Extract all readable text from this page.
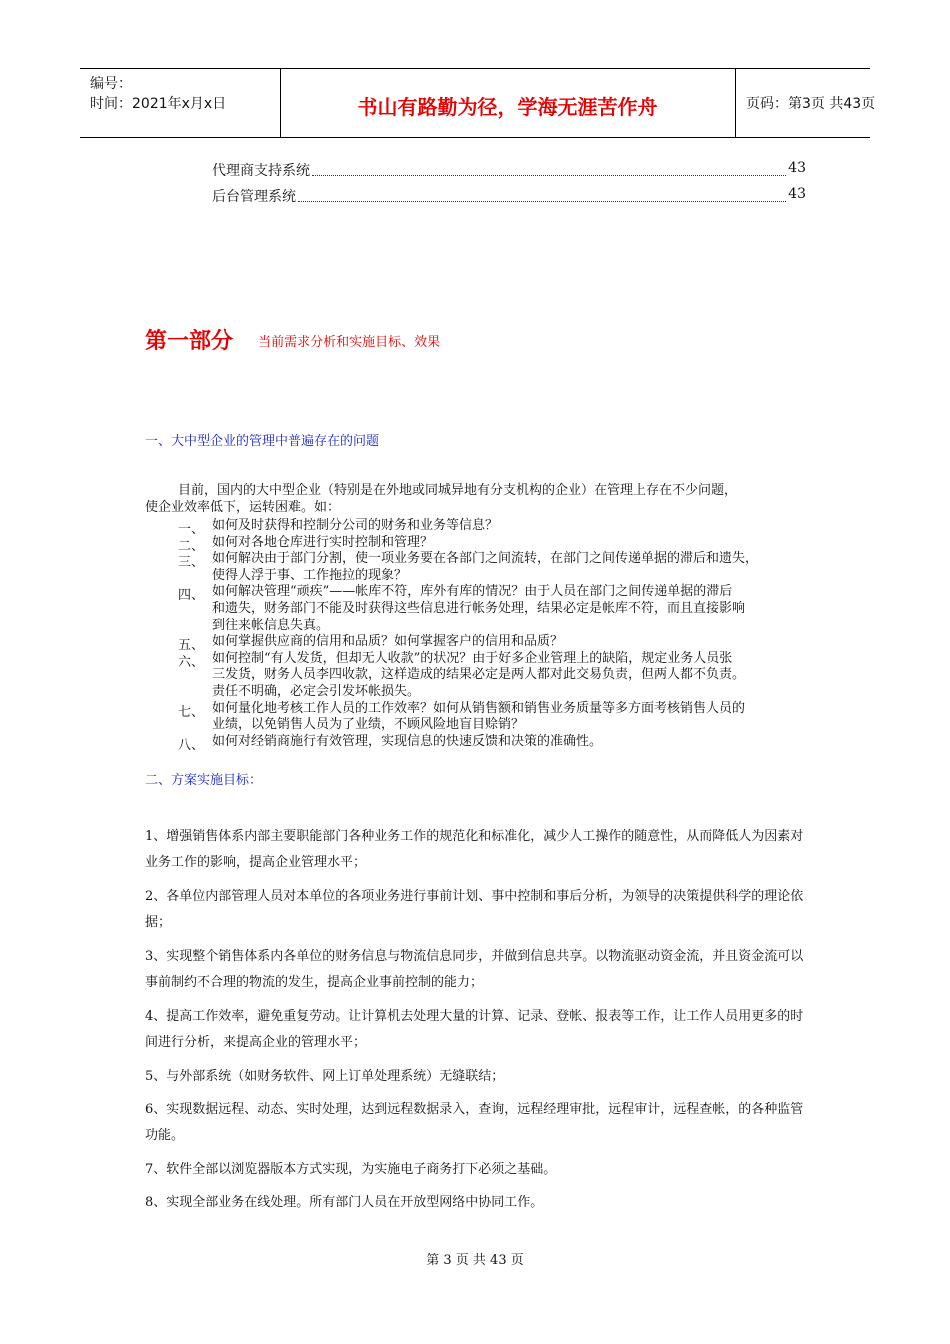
编号：
时间：2021年x月x日	书山有路勤为径，学海无涯苦作舟	页码：第3页 共43页
代理商支持系统	43
后台管理系统	43
第一部分 当前需求分析和实施目标、效果
一、大中型企业的管理中普遍存在的问题
目前，国内的大中型企业（特别是在外地或同城异地有分支机构的企业）在管理上存在不少问题，
使企业效率低下，运转困难。如：
一、 如何及时获得和控制分公司的财务和业务等信息？
二、 如何对各地仓库进行实时控制和管理？
三、 如何解决由于部门分割，使一项业务要在各部门之间流转，在部门之间传递单据的滞后和遗失，
使得人浮于事、工作拖拉的现象？
四、 如何解决管理“顽疾”——帐库不符，库外有库的情况？由于人员在部门之间传递单据的滞后
和遗失，财务部门不能及时获得这些信息进行帐务处理，结果必定是帐库不符，而且直接影响
到往来帐信息失真。
五、 如何掌握供应商的信用和品质？如何掌握客户的信用和品质？
六、 如何控制“有人发货，但却无人收款”的状况？由于好多企业管理上的缺陷，规定业务人员张
三发货，财务人员李四收款，这样造成的结果必定是两人都对此交易负责，但两人都不负责。
责任不明确，必定会引发坏帐损失。
七、 如何量化地考核工作人员的工作效率？如何从销售额和销售业务质量等多方面考核销售人员的
业绩，以免销售人员为了业绩，不顾风险地盲目赊销？
八、 如何对经销商施行有效管理，实现信息的快速反馈和决策的准确性。
二、方案实施目标：
1、增强销售体系内部主要职能部门各种业务工作的规范化和标准化，减少人工操作的随意性，从而降低人为因素对业务工作的影响，提高企业管理水平；
2、各单位内部管理人员对本单位的各项业务进行事前计划、事中控制和事后分析，为领导的决策提供科学的理论依据；
3、实现整个销售体系内各单位的财务信息与物流信息同步，并做到信息共享。以物流驱动资金流，并且资金流可以事前制约不合理的物流的发生，提高企业事前控制的能力；
4、提高工作效率，避免重复劳动。让计算机去处理大量的计算、记录、登帐、报表等工作，让工作人员用更多的时间进行分析，来提高企业的管理水平；
5、与外部系统（如财务软件、网上订单处理系统）无缝联结；
6、实现数据远程、动态、实时处理，达到远程数据录入，查询，远程经理审批，远程审计，远程查帐，的各种监管功能。
7、软件全部以浏览器版本方式实现，为实施电子商务打下必须之基础。
8、实现全部业务在线处理。所有部门人员在开放型网络中协同工作。
第 3 页 共 43 页
